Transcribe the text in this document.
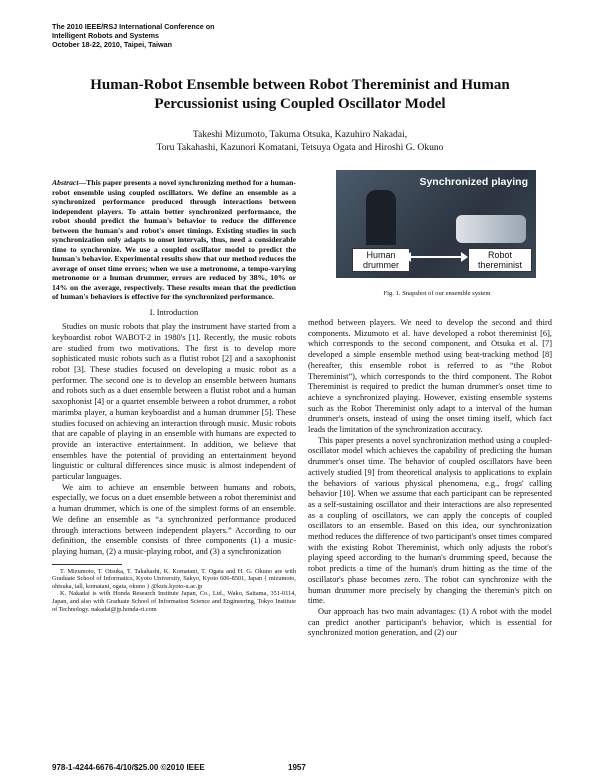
The 2010 IEEE/RSJ International Conference on
Intelligent Robots and Systems
October 18-22, 2010, Taipei, Taiwan
Human-Robot Ensemble between Robot Thereminist and Human Percussionist using Coupled Oscillator Model
Takeshi Mizumoto, Takuma Otsuka, Kazuhiro Nakadai,
Toru Takahashi, Kazunori Komatani, Tetsuya Ogata and Hiroshi G. Okuno
Abstract—This paper presents a novel synchronizing method for a human-robot ensemble using coupled oscillators. We define an ensemble as a synchronized performance produced through interactions between independent players. To attain better synchronized performance, the robot should predict the human's behavior to reduce the difference between the human's and robot's onset timings. Existing studies in such synchronization only adapts to onset intervals, thus, need a considerable time to synchronize. We use a coupled oscillator model to predict the human's behavior. Experimental results show that our method reduces the average of onset time errors; when we use a metronome, a tempo-varying metronome or a human drummer, errors are reduced by 38%, 10% or 14% on the average, respectively. These results mean that the prediction of human's behaviors is effective for the synchronized performance.
I. Introduction

Studies on music robots that play the instrument have started from a keyboardist robot WABOT-2 in 1980's [1]. Recently, the music robots are studied from two motivations. The first is to develop more sophisticated music robots such as a flutist robot [2] and a saxophonist robot [3]. These studies focused on developing a music robot as a performer. The second one is to develop an ensemble between humans and robots such as a duet ensemble between a flutist robot and a human saxophonist [4] or a quartet ensemble between a robot drummer, a robot marimba player, a human keyboardist and a human drummer [5]. These studies focused on achieving an interaction through music. Music robots that are capable of playing in an ensemble with humans are expected to provide an interactive entertainment. In addition, we believe that ensembles have the potential of providing an entertainment beyond linguistic or cultural differences since music is almost independent of particular languages.

We aim to achieve an ensemble between humans and robots, especially, we focus on a duet ensemble between a robot thereminist and a human drummer, which is one of the simplest forms of an ensemble. We define an ensemble as “a synchronized performance produced through interactions between independent players.” According to our definition, the ensemble consists of three components (1) a music-playing human, (2) a music-playing robot, and (3) a synchronization

T. Mizumoto, T. Otsuka, T. Takahashi, K. Komatani, T. Ogata and H. G. Okuno are with Graduate School of Informatics, Kyoto University, Sakyo, Kyoto 606-8501, Japan { mizumoto, ohtsuka, tall, komatani, ogata, okuno } @kuis.kyoto-u.ac.jp

K. Nakadai is with Honda Research Institute Japan, Co., Ltd., Wako, Saitama, 351-0114, Japan, and also with Graduate School of Information Science and Engineering, Tokyo Institute of Technology. nakadai@jp.honda-ri.com

Synchronized playing
Human drummer
Robot thereminist
Fig. 1. Snapshot of our ensemble system

method between players. We need to develop the second and third components. Mizumoto et al. have developed a robot thereminist [6], which corresponds to the second component, and Otsuka et al. [7] developed a simple ensemble method using beat-tracking method [8] (hereafter, this ensemble robot is referred to as “the Robot Thereminist”), which corresponds to the third component. The Robot Thereminist is required to predict the human drummer's onset time to achieve a synchronized playing. However, existing ensemble systems such as the Robot Thereminist only adapt to a interval of the human drummer's onsets, instead of using the onset timing itself, which fact leads the limitation of the synchronization accuracy.

This paper presents a novel synchronization method using a coupled-oscillator model which achieves the capability of predicting the human drummer's onset time. The behavior of coupled oscillators have been actively studied [9] from theoretical analysis to applications to explain the behaviors of various physical phenomena, e.g., frogs' calling behavior [10]. When we assume that each participant can be represented as a self-sustaining oscillator and their interactions are also represented as a coupling of oscillators, we can apply the concepts of coupled oscillators to an ensemble. Based on this idea, our synchronization method reduces the difference of two participant's onset times compared with the existing Robot Thereminist, which only adjusts the robot's playing speed according to the human's drumming speed, because the robot predicts a time of the human's drum hitting as the time of the oscillator's phase becomes zero. The robot can synchronize with the human drummer more precisely by changing the theremin's pitch on time.

Our approach has two main advantages: (1) A robot with the model can predict another participant's behavior, which is essential for synchronized motion generation, and (2) our

978-1-4244-6676-4/10/$25.00 ©2010 IEEE	1957
